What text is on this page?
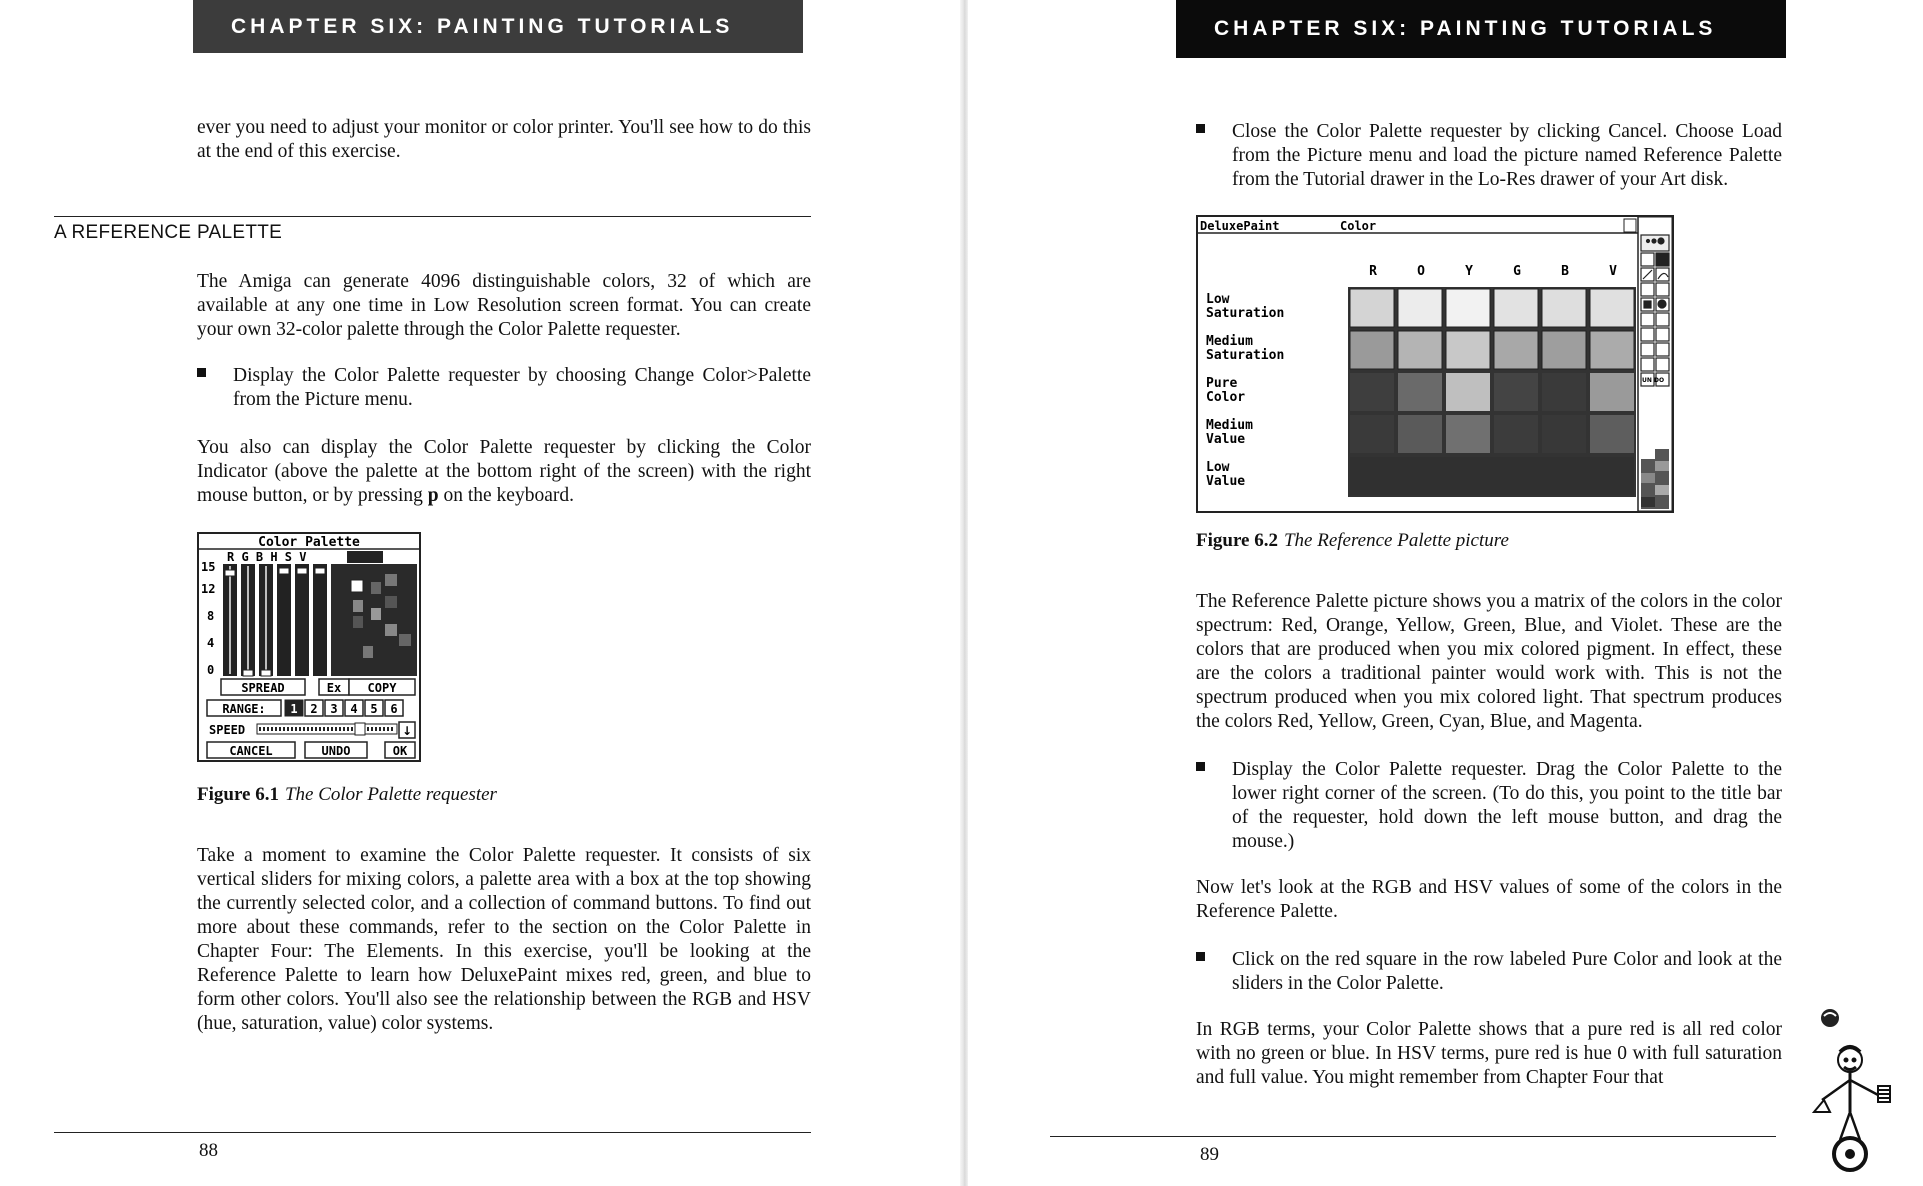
CHAPTER SIX: PAINTING TUTORIALS

ever you need to adjust your monitor or color printer. You'll see how to do this at the end of this exercise.

A REFERENCE PALETTE

The Amiga can generate 4096 distinguishable colors, 32 of which are available at any one time in Low Resolution screen format. You can create your own 32-color palette through the Color Palette requester.

Display the Color Palette requester by choosing Change Color>Palette from the Picture menu.

You also can display the Color Palette requester by clicking the Color Indicator (above the palette at the bottom right of the screen) with the right mouse button, or by pressing p on the keyboard.

Color Palette
R G B H S V
15
12
8
4
0
SPREAD	Ex COPY
RANGE: 1 2 3 4 5 6
SPEED	↓
CANCEL	UNDO	OK
Figure 6.1 The Color Palette requester

Take a moment to examine the Color Palette requester. It consists of six vertical sliders for mixing colors, a palette area with a box at the top showing the currently selected color, and a collection of command buttons. To find out more about these commands, refer to the section on the Color Palette in Chapter Four: The Elements. In this exercise, you'll be looking at the Reference Palette to learn how DeluxePaint mixes red, green, and blue to form other colors. You'll also see the relationship between the RGB and HSV (hue, saturation, value) color systems.

88
CHAPTER SIX: PAINTING TUTORIALS
Close the Color Palette requester by clicking Cancel. Choose Load from the Picture menu and load the picture named Reference Palette from the Tutorial drawer in the Lo-Res drawer of your Art disk.
DeluxePaint	Color
UN DO
R	O	Y	G	B	V
Low
Saturation
Medium
Saturation
Pure
Color
Medium
Value
Low
Value
Figure 6.2 The Reference Palette picture

The Reference Palette picture shows you a matrix of the colors in the color spectrum: Red, Orange, Yellow, Green, Blue, and Violet. These are the colors that are produced when you mix colored pigment. In effect, these are the colors a traditional painter would work with. This is not the spectrum produced when you mix colored light. That spectrum produces the colors Red, Yellow, Green, Cyan, Blue, and Magenta.

Display the Color Palette requester. Drag the Color Palette to the lower right corner of the screen. (To do this, you point to the title bar of the requester, hold down the left mouse button, and drag the mouse.)

Now let's look at the RGB and HSV values of some of the colors in the Reference Palette.

Click on the red square in the row labeled Pure Color and look at the sliders in the Color Palette.

In RGB terms, your Color Palette shows that a pure red is all red color with no green or blue. In HSV terms, pure red is hue 0 with full saturation and full value. You might remember from Chapter Four that

89
